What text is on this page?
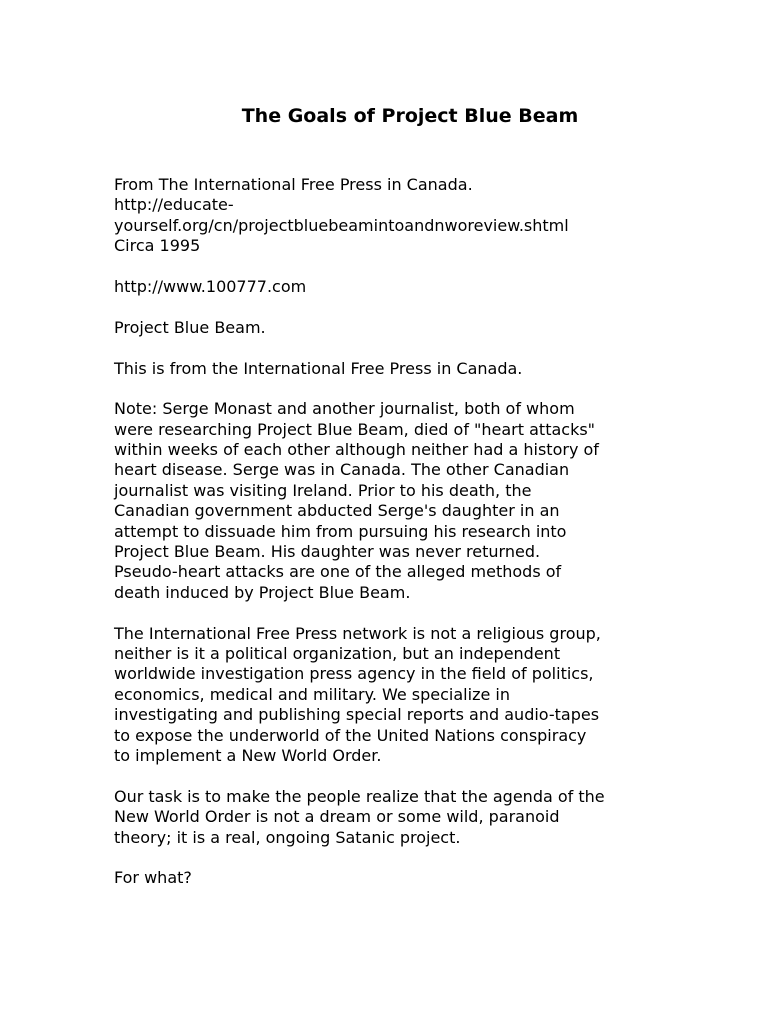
The Goals of Project Blue Beam
From The International Free Press in Canada.
http://educate-
yourself.org/cn/projectbluebeamintoandnworeview.shtml
Circa 1995
http://www.100777.com
Project Blue Beam.
This is from the International Free Press in Canada.
Note: Serge Monast and another journalist, both of whom
were researching Project Blue Beam, died of "heart attacks"
within weeks of each other although neither had a history of
heart disease. Serge was in Canada. The other Canadian
journalist was visiting Ireland. Prior to his death, the
Canadian government abducted Serge's daughter in an
attempt to dissuade him from pursuing his research into
Project Blue Beam. His daughter was never returned.
Pseudo-heart attacks are one of the alleged methods of
death induced by Project Blue Beam.
The International Free Press network is not a religious group,
neither is it a political organization, but an independent
worldwide investigation press agency in the field of politics,
economics, medical and military. We specialize in
investigating and publishing special reports and audio-tapes
to expose the underworld of the United Nations conspiracy
to implement a New World Order.
Our task is to make the people realize that the agenda of the
New World Order is not a dream or some wild, paranoid
theory; it is a real, ongoing Satanic project.
For what?
